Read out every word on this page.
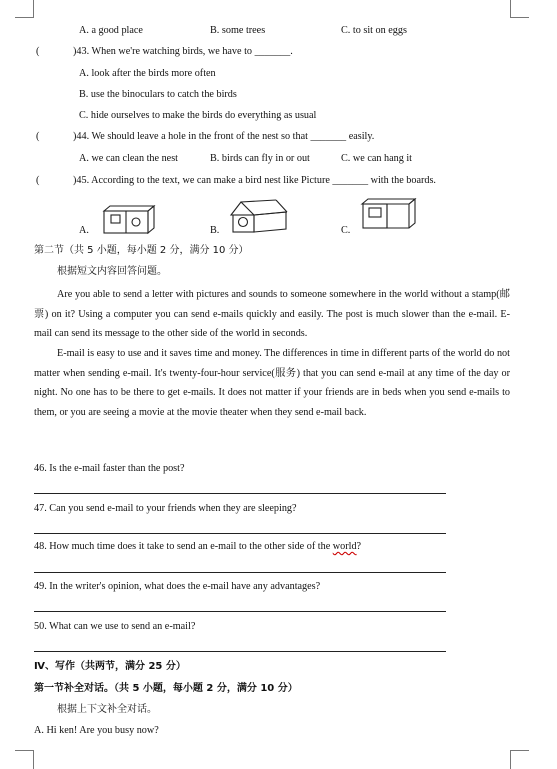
A. a good place	B. some trees	C. to sit on eggs
(	)43. When we're watching birds, we have to _______.
A. look after the birds more often
B. use the binoculars to catch the birds
C. hide ourselves to make the birds do everything as usual
(	)44. We should leave a hole in the front of the nest so that _______ easily.
A. we can clean the nest	B. birds can fly in or out	C. we can hang it
(	)45. According to the text, we can make a bird nest like Picture _______ with the boards.
A.	B.	C.
第二节（共 5 小题，每小题 2 分，满分 10 分）
根据短文内容回答问题。
Are you able to send a letter with pictures and sounds to someone somewhere in the world without a stamp(邮票) on it? Using a computer you can send e-mails quickly and easily. The post is much slower than the e-mail. E-mail can send its message to the other side of the world in seconds.
E-mail is easy to use and it saves time and money. The differences in time in different parts of the world do not matter when sending e-mail. It's twenty-four-hour service(服务) that you can send e-mail at any time of the day or night. No one has to be there to get e-mails. It does not matter if your friends are in beds when you send e-mails to them, or you are seeing a movie at the movie theater when they send e-mail back.
46. Is the e-mail faster than the post?
47. Can you send e-mail to your friends when they are sleeping?
48. How much time does it take to send an e-mail to the other side of the world?
49. In the writer's opinion, what does the e-mail have any advantages?
50. What can we use to send an e-mail?
Ⅳ、写作（共两节，满分 25 分）
第一节补全对话。（共 5 小题，每小题 2 分，满分 10 分）
根据上下文补全对话。
A. Hi ken! Are you busy now?
